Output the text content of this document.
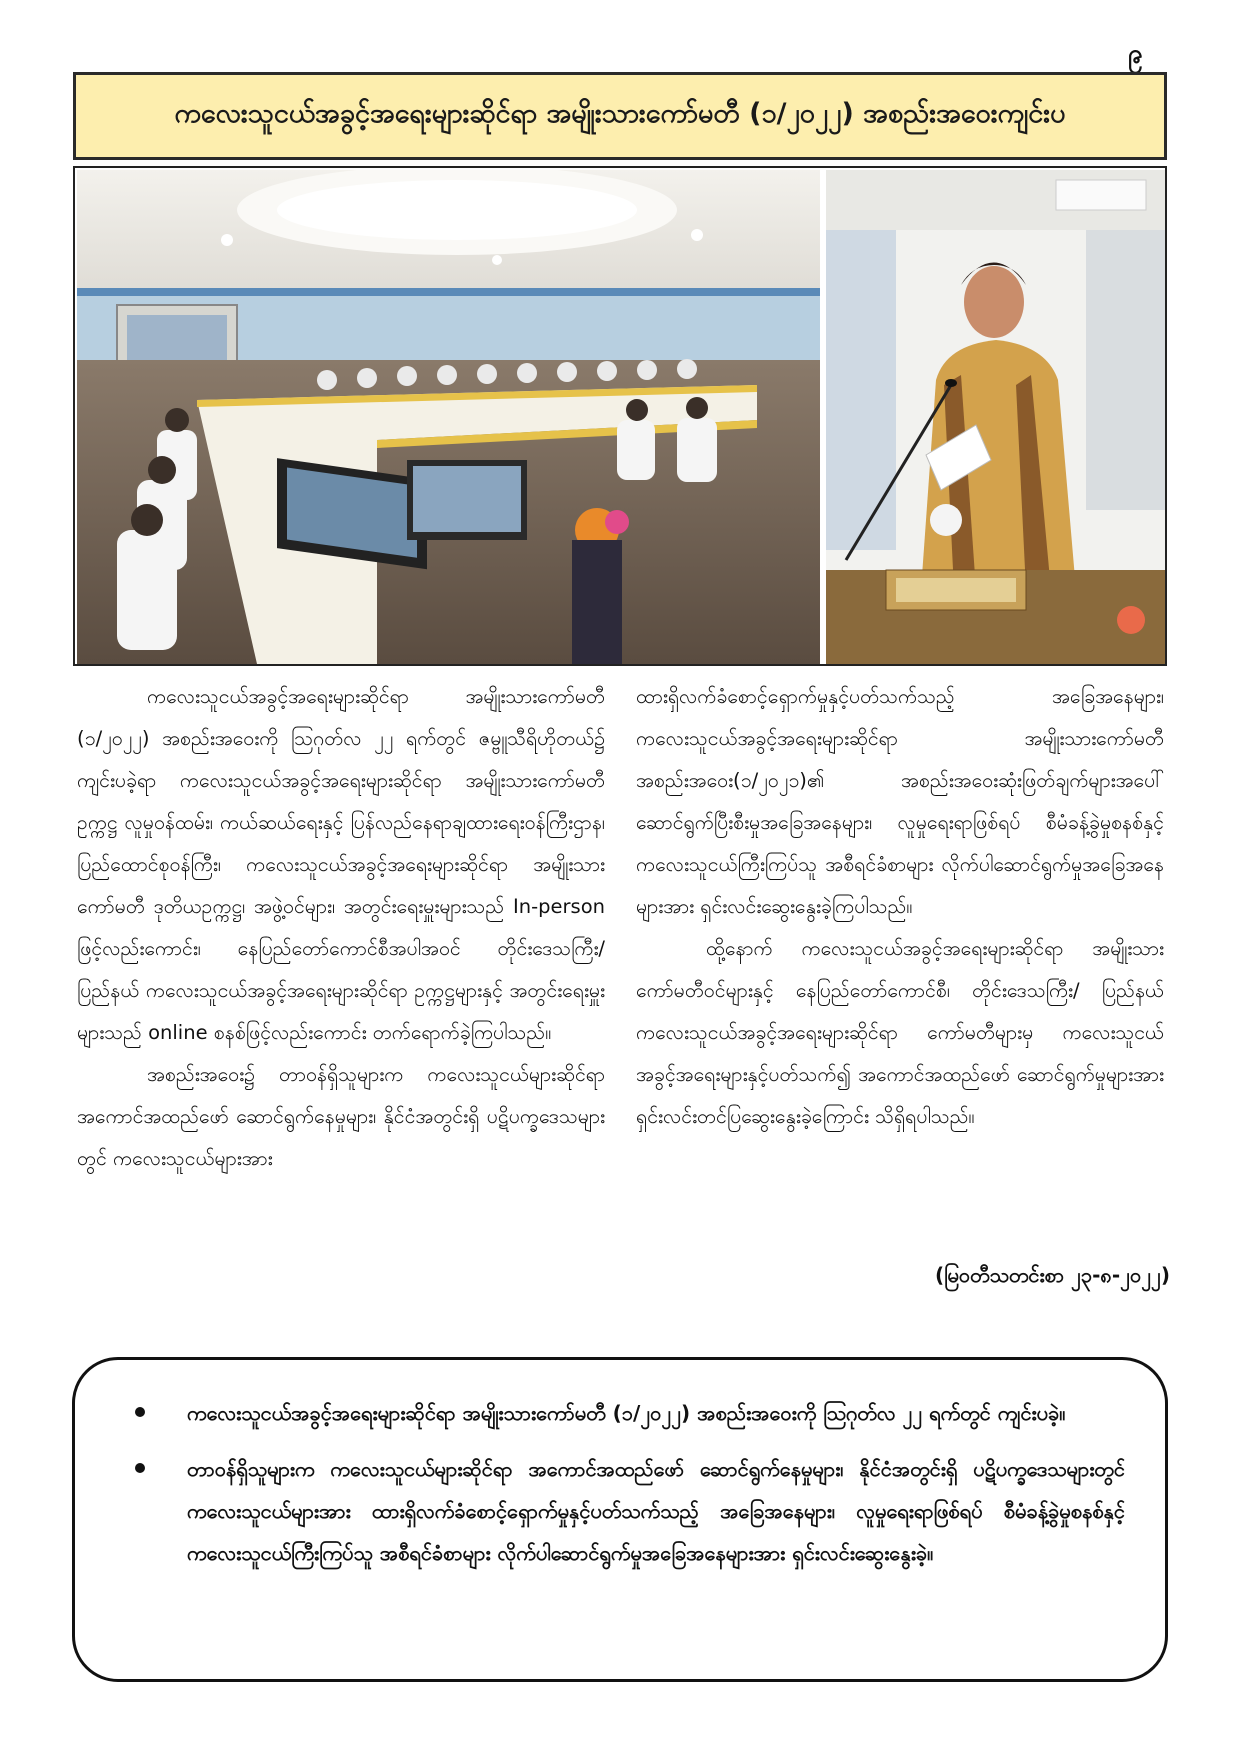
၉
ကလေးသူငယ်အခွင့်အရေးများဆိုင်ရာ အမျိုးသားကော်မတီ (၁/၂၀၂၂) အစည်းအဝေးကျင်းပ

ကလေးသူငယ်အခွင့်အရေးများဆိုင်ရာ အမျိုးသားကော်မတီ (၁/၂၀၂၂) အစည်းအဝေးကို ဩဂုတ်လ ၂၂ ရက်တွင် ဇမ္ဗူသီရိဟိုတယ်၌ ကျင်းပခဲ့ရာ ကလေးသူငယ်အခွင့်အရေးများဆိုင်ရာ အမျိုးသားကော်မတီဥက္ကဋ္ဌ လူမှုဝန်ထမ်း၊ ကယ်ဆယ်ရေးနှင့် ပြန်လည်နေရာချထားရေးဝန်ကြီးဌာန၊ ပြည်ထောင်စုဝန်ကြီး၊ ကလေးသူငယ်အခွင့်အရေးများဆိုင်ရာ အမျိုးသားကော်မတီ ဒုတိယဥက္ကဋ္ဌ၊ အဖွဲ့ဝင်များ၊ အတွင်းရေးမှူးများသည် In-person ဖြင့်လည်းကောင်း၊ နေပြည်တော်ကောင်စီအပါအဝင် တိုင်းဒေသကြီး/ ပြည်နယ် ကလေးသူငယ်အခွင့်အရေးများဆိုင်ရာ ဥက္ကဋ္ဌများနှင့် အတွင်းရေးမှူးများသည် online စနစ်ဖြင့်လည်းကောင်း တက်ရောက်ခဲ့ကြပါသည်။

အစည်းအဝေး၌ တာဝန်ရှိသူများက ကလေးသူငယ်များဆိုင်ရာ အကောင်အထည်ဖော် ဆောင်ရွက်နေမှုများ၊ နိုင်ငံအတွင်းရှိ ပဋိပက္ခဒေသများတွင် ကလေးသူငယ်များအား

ထားရှိလက်ခံစောင့်ရှောက်မှုနှင့်ပတ်သက်သည့် အခြေအနေများ၊ ကလေးသူငယ်အခွင့်အရေးများဆိုင်ရာ အမျိုးသားကော်မတီအစည်းအဝေး(၁/၂၀၂၁)၏ အစည်းအဝေးဆုံးဖြတ်ချက်များအပေါ် ဆောင်ရွက်ပြီးစီးမှုအခြေအနေများ၊ လူမှုရေးရာဖြစ်ရပ် စီမံခန့်ခွဲမှုစနစ်နှင့် ကလေးသူငယ်ကြီးကြပ်သူ အစီရင်ခံစာများ လိုက်ပါဆောင်ရွက်မှုအခြေအနေများအား ရှင်းလင်းဆွေးနွေးခဲ့ကြပါသည်။

ထို့နောက် ကလေးသူငယ်အခွင့်အရေးများဆိုင်ရာ အမျိုးသားကော်မတီဝင်များနှင့် နေပြည်တော်ကောင်စီ၊ တိုင်းဒေသကြီး/ ပြည်နယ်ကလေးသူငယ်အခွင့်အရေးများဆိုင်ရာ ကော်မတီများမှ ကလေးသူငယ်အခွင့်အရေးများနှင့်ပတ်သက်၍ အကောင်အထည်ဖော် ဆောင်ရွက်မှုများအား ရှင်းလင်းတင်ပြဆွေးနွေးခဲ့ကြောင်း သိရှိရပါသည်။

(မြဝတီသတင်းစာ ၂၃-၈-၂၀၂၂)
ကလေးသူငယ်အခွင့်အရေးများဆိုင်ရာ အမျိုးသားကော်မတီ (၁/၂၀၂၂) အစည်းအဝေးကို ဩဂုတ်လ ၂၂ ရက်တွင် ကျင်းပခဲ့။
တာဝန်ရှိသူများက ကလေးသူငယ်များဆိုင်ရာ အကောင်အထည်ဖော် ဆောင်ရွက်နေမှုများ၊ နိုင်ငံအတွင်းရှိ ပဋိပက္ခဒေသများတွင် ကလေးသူငယ်များအား ထားရှိလက်ခံစောင့်ရှောက်မှုနှင့်ပတ်သက်သည့် အခြေအနေများ၊ လူမှုရေးရာဖြစ်ရပ် စီမံခန့်ခွဲမှုစနစ်နှင့် ကလေးသူငယ်ကြီးကြပ်သူ အစီရင်ခံစာများ လိုက်ပါဆောင်ရွက်မှုအခြေအနေများအား ရှင်းလင်းဆွေးနွေးခဲ့။
